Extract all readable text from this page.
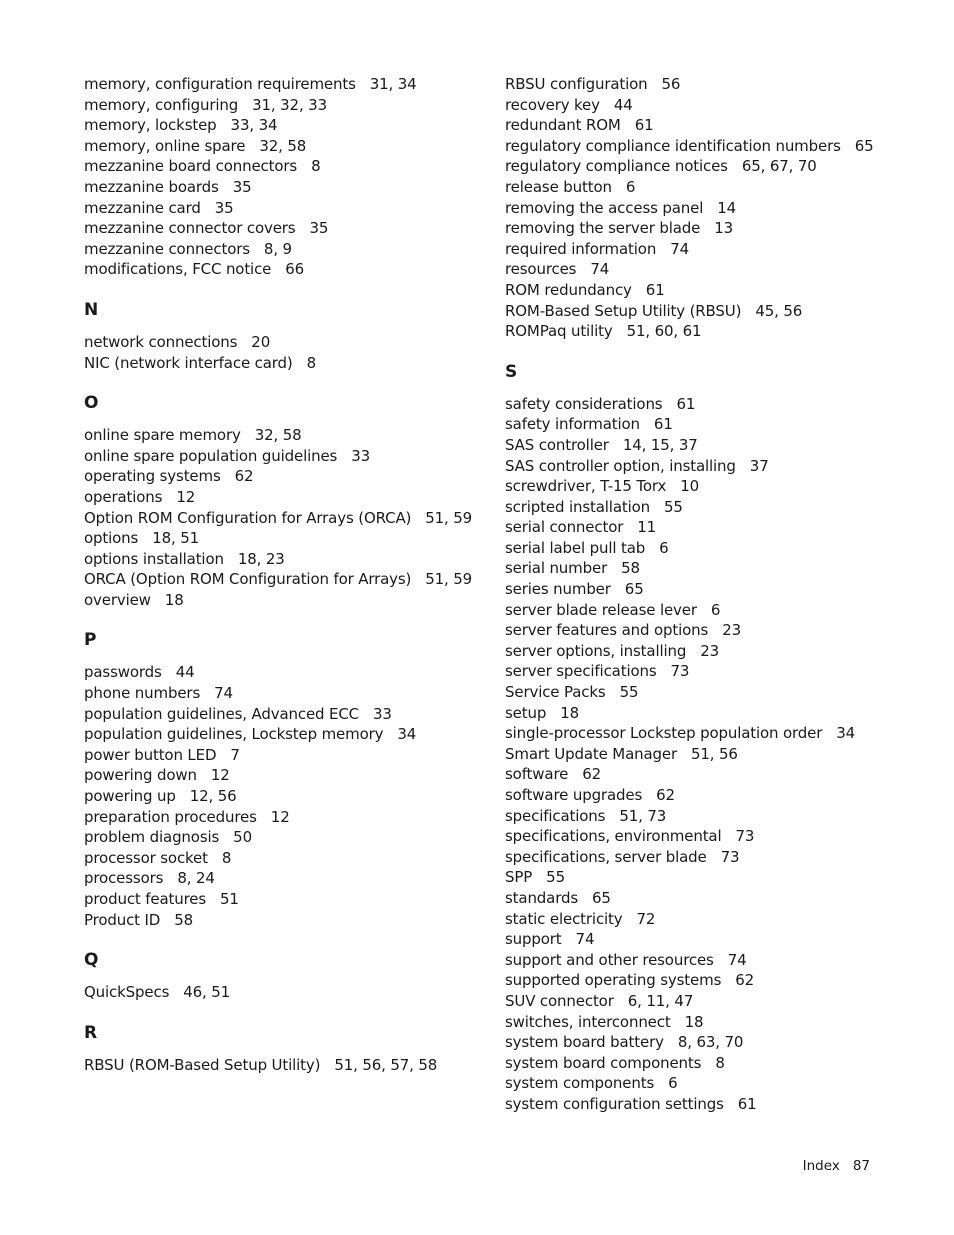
memory, configuration requirements 31, 34
memory, configuring 31, 32, 33
memory, lockstep 33, 34
memory, online spare 32, 58
mezzanine board connectors 8
mezzanine boards 35
mezzanine card 35
mezzanine connector covers 35
mezzanine connectors 8, 9
modifications, FCC notice 66
N
network connections 20
NIC (network interface card) 8
O
online spare memory 32, 58
online spare population guidelines 33
operating systems 62
operations 12
Option ROM Configuration for Arrays (ORCA) 51, 59
options 18, 51
options installation 18, 23
ORCA (Option ROM Configuration for Arrays) 51, 59
overview 18
P
passwords 44
phone numbers 74
population guidelines, Advanced ECC 33
population guidelines, Lockstep memory 34
power button LED 7
powering down 12
powering up 12, 56
preparation procedures 12
problem diagnosis 50
processor socket 8
processors 8, 24
product features 51
Product ID 58
Q
QuickSpecs 46, 51
R
RBSU (ROM-Based Setup Utility) 51, 56, 57, 58
RBSU configuration 56
recovery key 44
redundant ROM 61
regulatory compliance identification numbers 65
regulatory compliance notices 65, 67, 70
release button 6
removing the access panel 14
removing the server blade 13
required information 74
resources 74
ROM redundancy 61
ROM-Based Setup Utility (RBSU) 45, 56
ROMPaq utility 51, 60, 61
S
safety considerations 61
safety information 61
SAS controller 14, 15, 37
SAS controller option, installing 37
screwdriver, T-15 Torx 10
scripted installation 55
serial connector 11
serial label pull tab 6
serial number 58
series number 65
server blade release lever 6
server features and options 23
server options, installing 23
server specifications 73
Service Packs 55
setup 18
single-processor Lockstep population order 34
Smart Update Manager 51, 56
software 62
software upgrades 62
specifications 51, 73
specifications, environmental 73
specifications, server blade 73
SPP 55
standards 65
static electricity 72
support 74
support and other resources 74
supported operating systems 62
SUV connector 6, 11, 47
switches, interconnect 18
system board battery 8, 63, 70
system board components 8
system components 6
system configuration settings 61
Index 87
